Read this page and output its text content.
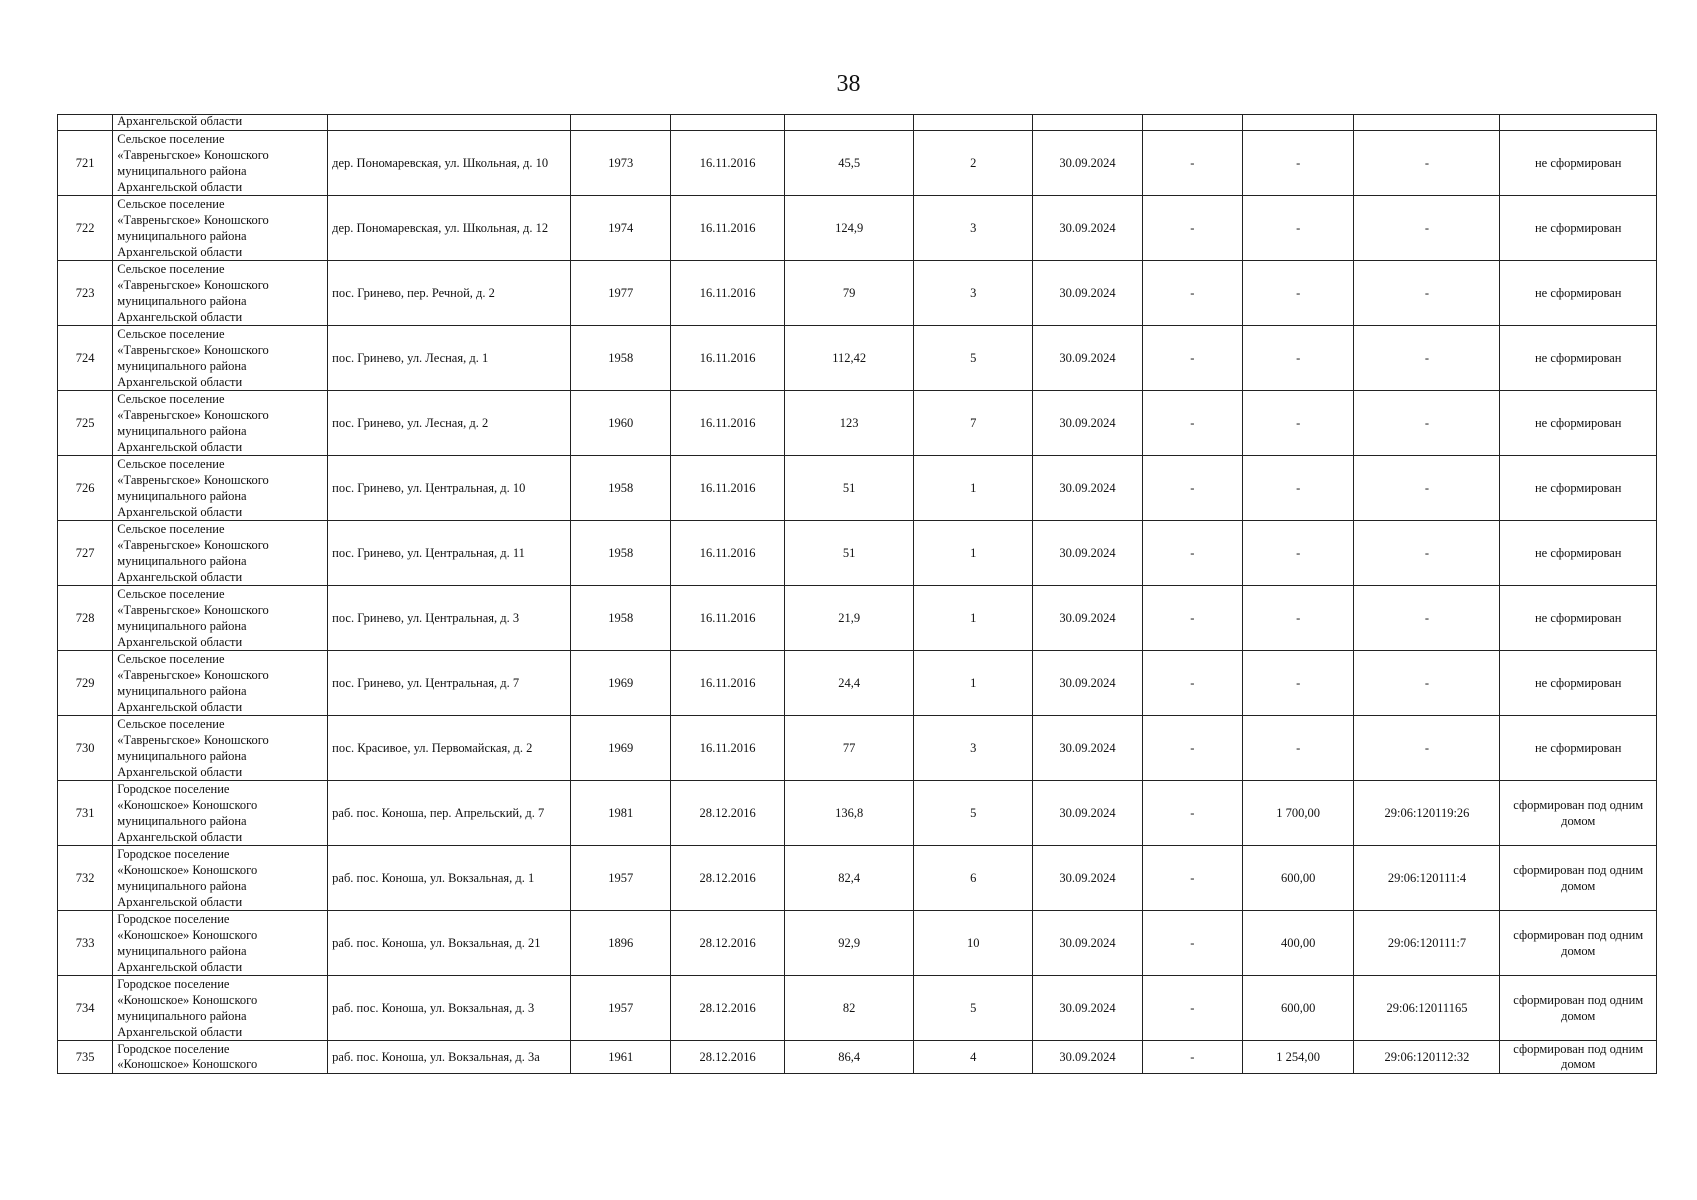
38
	Архангельской области										
721	Сельское поселение
«Тавреньгское» Коношского
муниципального района
Архангельской области	дер. Пономаревская, ул. Школьная, д. 10	1973	16.11.2016	45,5	2	30.09.2024	-	-	-	не сформирован
722	Сельское поселение
«Тавреньгское» Коношского
муниципального района
Архангельской области	дер. Пономаревская, ул. Школьная, д. 12	1974	16.11.2016	124,9	3	30.09.2024	-	-	-	не сформирован
723	Сельское поселение
«Тавреньгское» Коношского
муниципального района
Архангельской области	пос. Гринево, пер. Речной, д. 2	1977	16.11.2016	79	3	30.09.2024	-	-	-	не сформирован
724	Сельское поселение
«Тавреньгское» Коношского
муниципального района
Архангельской области	пос. Гринево, ул. Лесная, д. 1	1958	16.11.2016	112,42	5	30.09.2024	-	-	-	не сформирован
725	Сельское поселение
«Тавреньгское» Коношского
муниципального района
Архангельской области	пос. Гринево, ул. Лесная, д. 2	1960	16.11.2016	123	7	30.09.2024	-	-	-	не сформирован
726	Сельское поселение
«Тавреньгское» Коношского
муниципального района
Архангельской области	пос. Гринево, ул. Центральная, д. 10	1958	16.11.2016	51	1	30.09.2024	-	-	-	не сформирован
727	Сельское поселение
«Тавреньгское» Коношского
муниципального района
Архангельской области	пос. Гринево, ул. Центральная, д. 11	1958	16.11.2016	51	1	30.09.2024	-	-	-	не сформирован
728	Сельское поселение
«Тавреньгское» Коношского
муниципального района
Архангельской области	пос. Гринево, ул. Центральная, д. 3	1958	16.11.2016	21,9	1	30.09.2024	-	-	-	не сформирован
729	Сельское поселение
«Тавреньгское» Коношского
муниципального района
Архангельской области	пос. Гринево, ул. Центральная, д. 7	1969	16.11.2016	24,4	1	30.09.2024	-	-	-	не сформирован
730	Сельское поселение
«Тавреньгское» Коношского
муниципального района
Архангельской области	пос. Красивое, ул. Первомайская, д. 2	1969	16.11.2016	77	3	30.09.2024	-	-	-	не сформирован
731	Городское поселение
«Коношское» Коношского
муниципального района
Архангельской области	раб. пос. Коноша, пер. Апрельский, д. 7	1981	28.12.2016	136,8	5	30.09.2024	-	1 700,00	29:06:120119:26	сформирован под одним домом
732	Городское поселение
«Коношское» Коношского
муниципального района
Архангельской области	раб. пос. Коноша, ул. Вокзальная, д. 1	1957	28.12.2016	82,4	6	30.09.2024	-	600,00	29:06:120111:4	сформирован под одним домом
733	Городское поселение
«Коношское» Коношского
муниципального района
Архангельской области	раб. пос. Коноша, ул. Вокзальная, д. 21	1896	28.12.2016	92,9	10	30.09.2024	-	400,00	29:06:120111:7	сформирован под одним домом
734	Городское поселение
«Коношское» Коношского
муниципального района
Архангельской области	раб. пос. Коноша, ул. Вокзальная, д. 3	1957	28.12.2016	82	5	30.09.2024	-	600,00	29:06:12011165	сформирован под одним домом
735	Городское поселение
«Коношское» Коношского	раб. пос. Коноша, ул. Вокзальная, д. 3а	1961	28.12.2016	86,4	4	30.09.2024	-	1 254,00	29:06:120112:32	сформирован под одним домом
